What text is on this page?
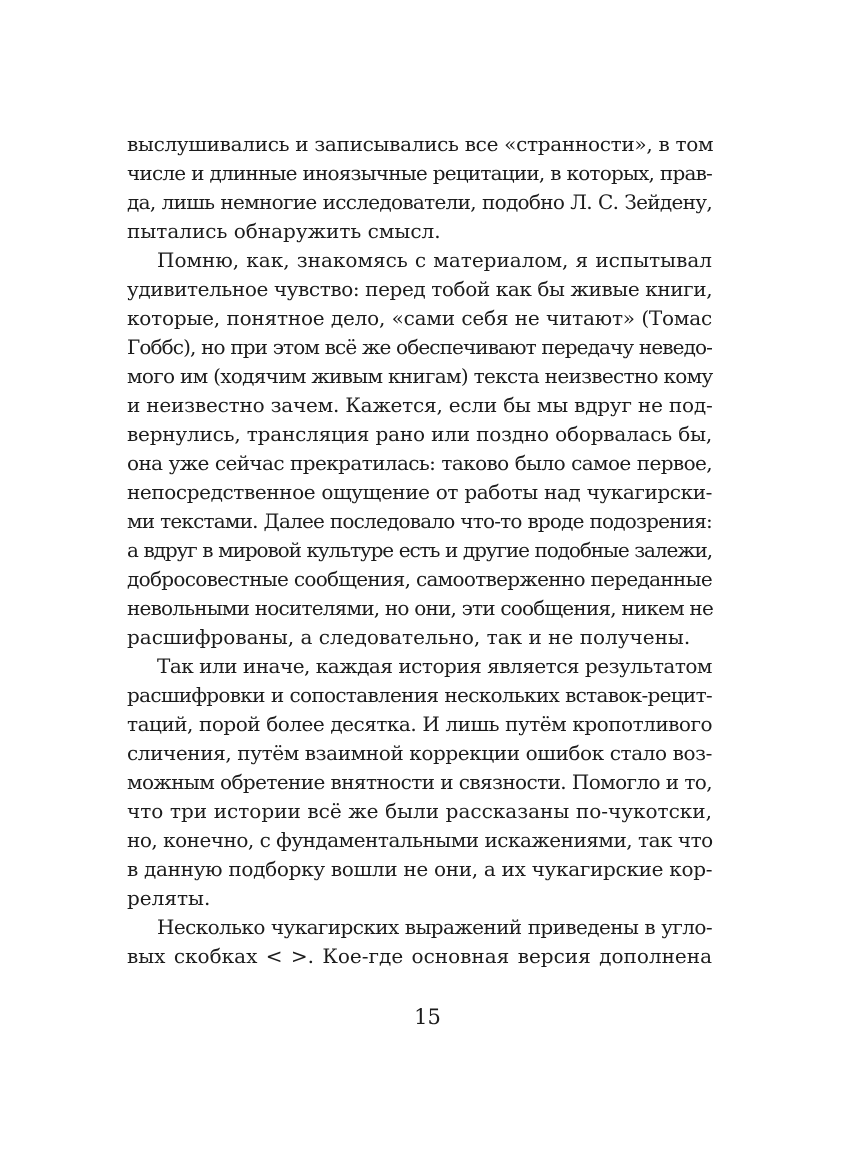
выслушивались и записывались все «странности», в том
числе и длинные иноязычные рецитации, в которых, прав-
да, лишь немногие исследователи, подобно Л. С. Зейдену,
пытались обнаружить смысл.
Помню, как, знакомясь с материалом, я испытывал
удивительное чувство: перед тобой как бы живые книги,
которые, понятное дело, «сами себя не читают» (Томас
Гоббс), но при этом всё же обеспечивают передачу неведо-
мого им (ходячим живым книгам) текста неизвестно кому
и неизвестно зачем. Кажется, если бы мы вдруг не под-
вернулись, трансляция рано или поздно оборвалась бы,
она уже сейчас прекратилась: таково было самое первое,
непосредственное ощущение от работы над чукагирски-
ми текстами. Далее последовало что-то вроде подозрения:
а вдруг в мировой культуре есть и другие подобные залежи,
добросовестные сообщения, самоотверженно переданные
невольными носителями, но они, эти сообщения, никем не
расшифрованы, а следовательно, так и не получены.
Так или иначе, каждая история является результатом
расшифровки и сопоставления нескольких вставок-рецит-
таций, порой более десятка. И лишь путём кропотливого
сличения, путём взаимной коррекции ошибок стало воз-
можным обретение внятности и связности. Помогло и то,
что три истории всё же были рассказаны по-чукотски,
но, конечно, с фундаментальными искажениями, так что
в данную подборку вошли не они, а их чукагирские кор-
реляты.
Несколько чукагирских выражений приведены в угло-
вых скобках < >. Кое-где основная версия дополнена
15
